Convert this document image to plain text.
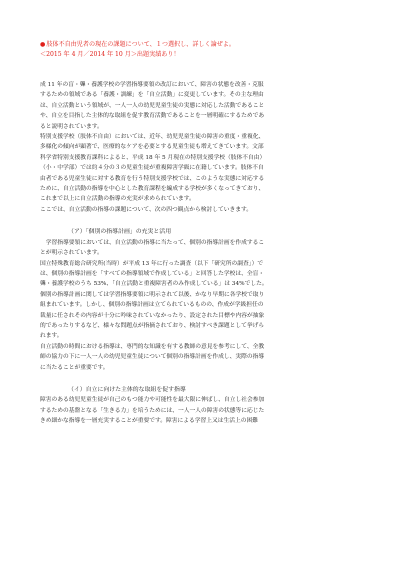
●肢体不自由児者の現在の課題について、１つ選択し、詳しく論ぜよ。
＜2015 年 4 月／2014 年 10 月＞出題実績あり！
成 11 年の盲・聾・養護学校の学習指導要領の改訂において、障害の状態を改善・克服
するための領域である「養護・訓練」を「自立活動」に変更しています。その主な理由
は、自立活動という領域が、一人一人の幼児児童生徒の実態に対応した活動であること
や、自立を目指した主体的な取組を促す教育活動であることを一層明確にするためであ
ると説明されています。
特別支援学校（肢体不自由）においては、近年、幼児児童生徒の障害の重度・重複化、
多様化の傾向が顕著で、医療的なケアを必要とする児童生徒も増えてきています。文部
科学省特別支援教育課科によると、平成 18 年 5 月現在の特別支援学校（肢体不自由）
（小・中学部）では約４分の３の児童生徒が重複障害学級に在籍しています。肢体不自
由者である児童生徒に対する教育を行う特別支援学校では、このような実態に対応する
ために、自立活動の指導を中心とした教育課程を編成する学校が多くなってきており、
これまで以上に自立活動の指導の充実が求められています。
ここでは、自立活動の指導の課題について、次の四つ観点から検討していきます。
（ア）「個別の指導計画」の充実と活用
　学習指導要領においては、自立活動の指導に当たって、個別の指導計画を作成するこ
とが明示されています。
国立特殊教育総合研究所(当時）が平成 13 年に行った調査（以下「研究所の調査」）で
は、個別の指導計画を「すべての指導領域で作成している」と回答した学校は、全盲・
聾・養護学校のうち 53%、「自立活動と重複障害者のみ作成している」は 34%でした。
個別の指導計画に関しては学習指導要領に明示されて以後、かなり早期に各学校で取り
組まれています。しかし、個別の指導計画は立てられているものの、作成が学級担任の
裁量に任されその内容が十分に吟味されていなかったり、設定された目標や内容が抽象
的であったりするなど、様々な問題点が指摘されており、検討すべき課題として挙げら
れます。
自立活動の時間における指導は、専門的な知識を有する教師の意見を参考にして、全教
師の協力の下に一人一人の幼児児童生徒について個別の指導計画を作成し、実際の指導
に当たることが重要です。
（イ）自立に向けた主体的な取組を促す指導
障害のある幼児児童生徒が自己のもつ能力や可能性を最大限に伸ばし、自立し社会参加
するための基盤となる「生きる力」を培うためには、一人一人の障害の状態等に応じた
きめ細かな指導を一層充実することが重要です。障害による学習上又は生活上の困難
